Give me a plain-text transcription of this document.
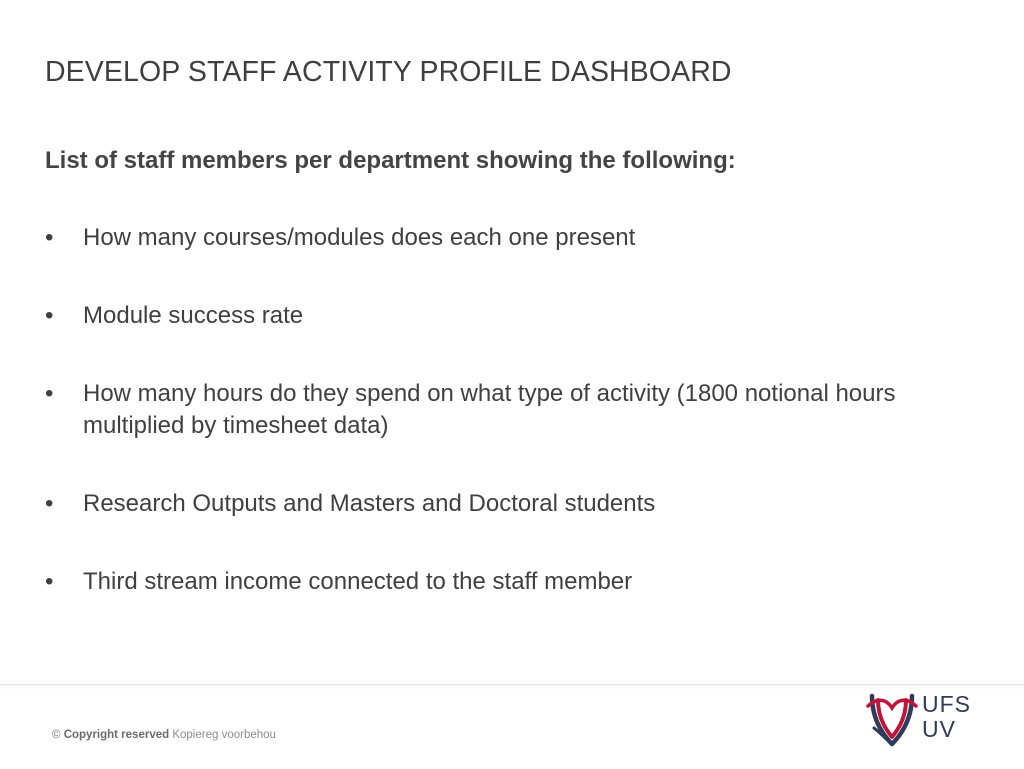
DEVELOP STAFF ACTIVITY PROFILE DASHBOARD
List of staff members per department showing the following:
•	How many courses/modules does each one present
•	Module success rate
•	How many hours do they spend on what type of activity (1800 notional hours multiplied by timesheet data)
•	Research Outputs and Masters and Doctoral students
•	Third stream income connected to the staff member
© Copyright reserved Kopiereg voorbehou
UFS
UV
